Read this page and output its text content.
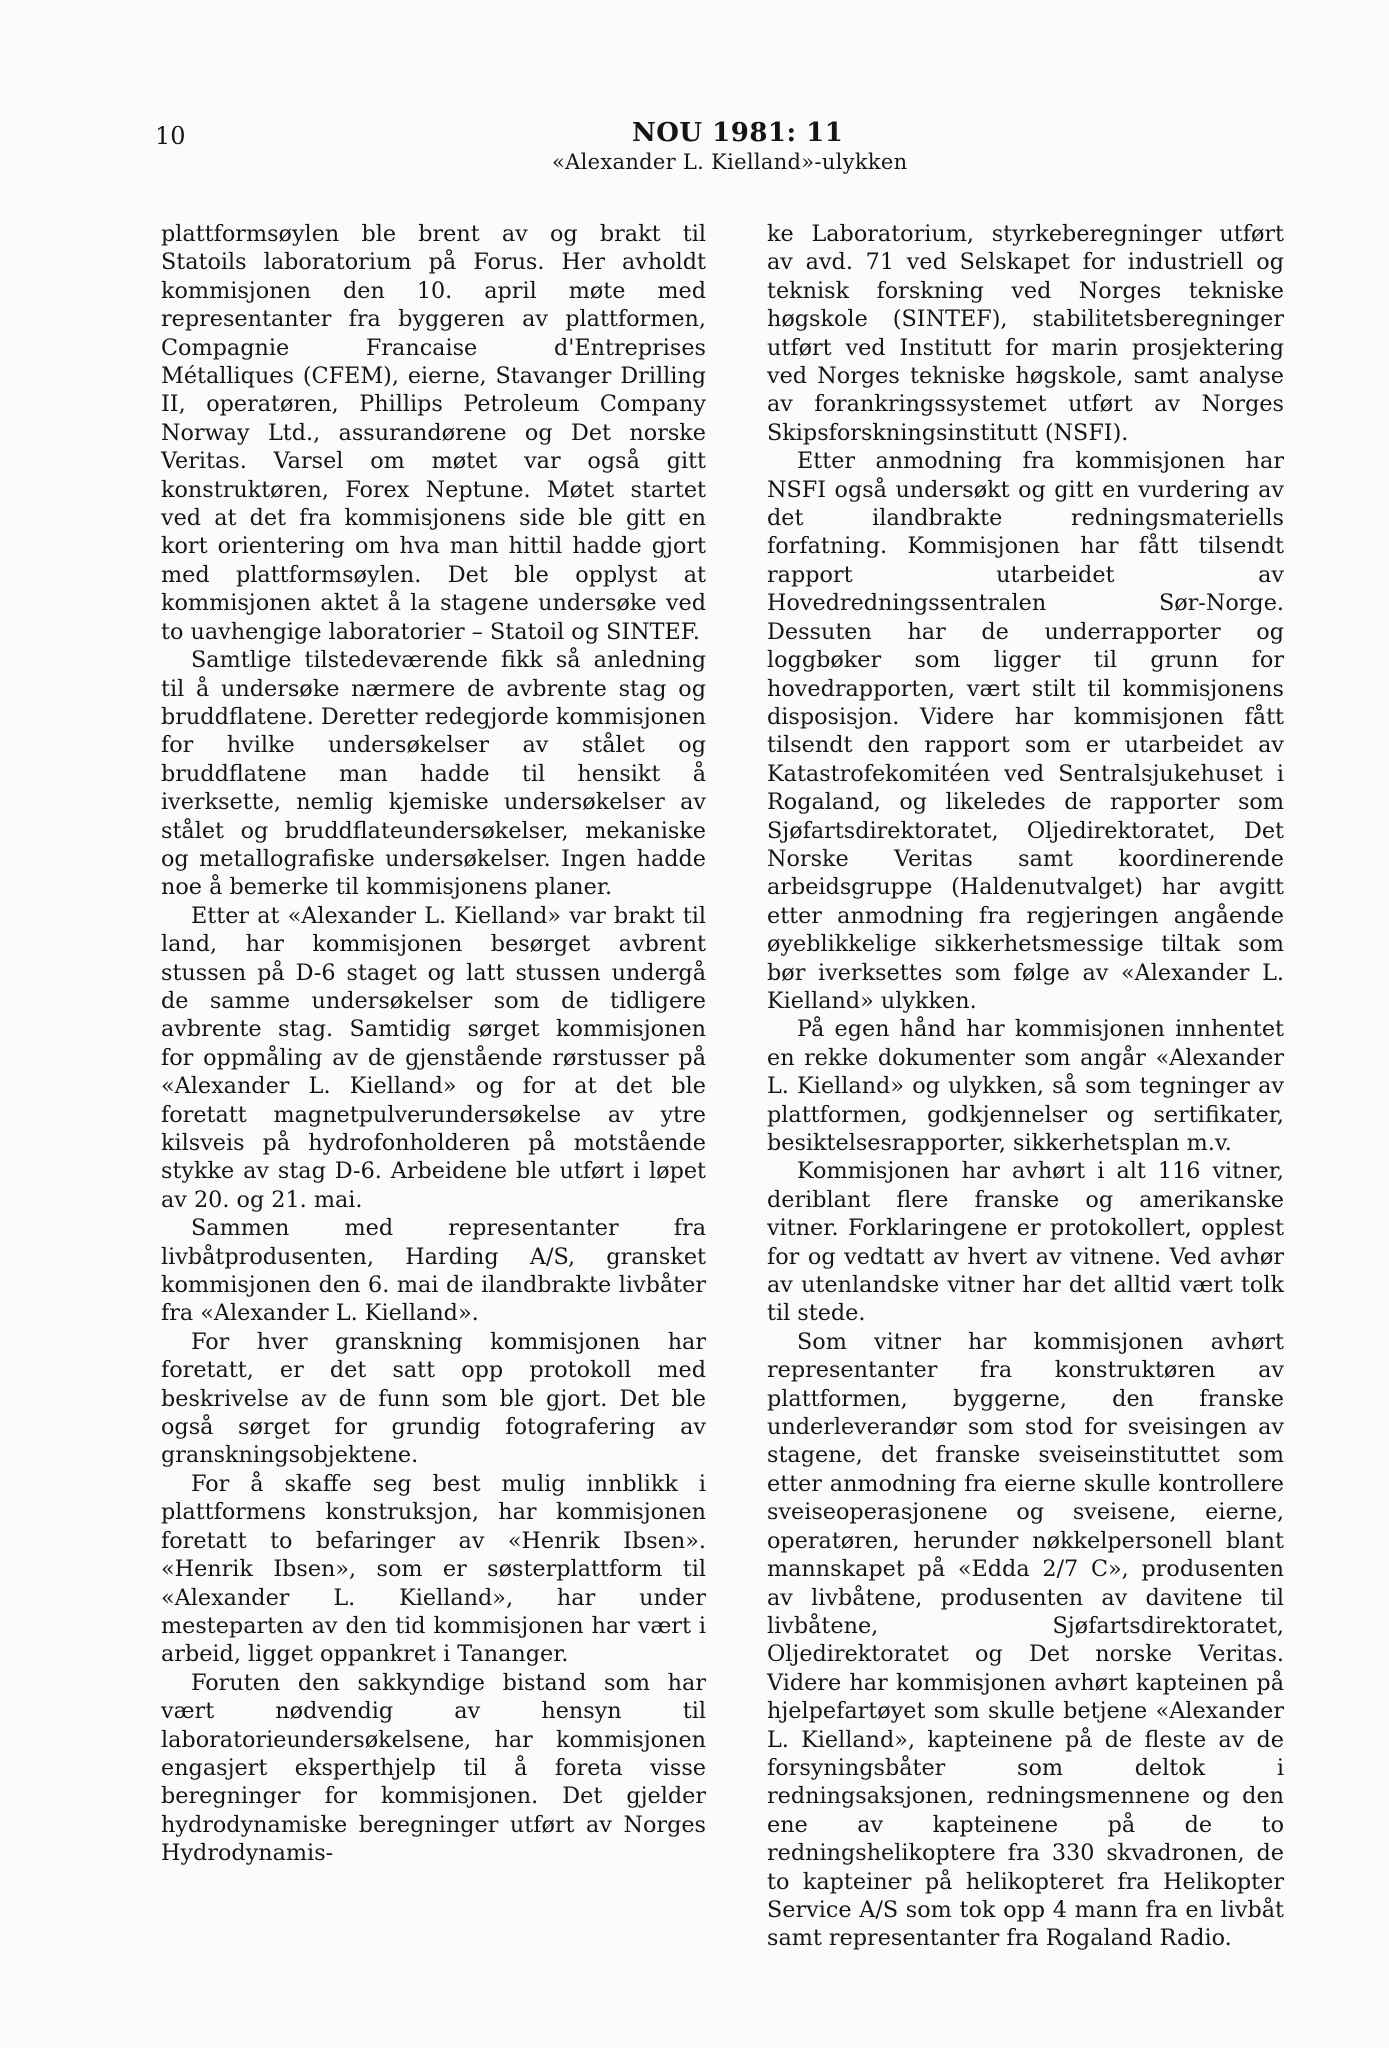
10	NOU 1981: 11
«Alexander L. Kielland»-ulykken

plattformsøylen ble brent av og brakt til Statoils laboratorium på Forus. Her avholdt kommisjonen den 10. april møte med representanter fra byggeren av plattformen, Compagnie Francaise d'Entreprises Métalliques (CFEM), eierne, Stavanger Drilling II, operatøren, Phillips Petroleum Company Norway Ltd., assurandørene og Det norske Veritas. Varsel om møtet var også gitt konstruktøren, Forex Neptune. Møtet startet ved at det fra kommisjonens side ble gitt en kort orientering om hva man hittil hadde gjort med plattformsøylen. Det ble opplyst at kommisjonen aktet å la stagene undersøke ved to uavhengige laboratorier – Statoil og SINTEF.

Samtlige tilstedeværende fikk så anledning til å undersøke nærmere de avbrente stag og bruddflatene. Deretter redegjorde kommisjonen for hvilke undersøkelser av stålet og bruddflatene man hadde til hensikt å iverksette, nemlig kjemiske undersøkelser av stålet og bruddflateundersøkelser, mekaniske og metallografiske undersøkelser. Ingen hadde noe å bemerke til kommisjonens planer.

Etter at «Alexander L. Kielland» var brakt til land, har kommisjonen besørget avbrent stussen på D-6 staget og latt stussen undergå de samme undersøkelser som de tidligere avbrente stag. Samtidig sørget kommisjonen for oppmåling av de gjenstående rørstusser på «Alexander L. Kielland» og for at det ble foretatt magnetpulverundersøkelse av ytre kilsveis på hydrofonholderen på motstående stykke av stag D-6. Arbeidene ble utført i løpet av 20. og 21. mai.

Sammen med representanter fra livbåtprodusenten, Harding A/S, gransket kommisjonen den 6. mai de ilandbrakte livbåter fra «Alexander L. Kielland».

For hver granskning kommisjonen har foretatt, er det satt opp protokoll med beskrivelse av de funn som ble gjort. Det ble også sørget for grundig fotografering av granskningsobjektene.

For å skaffe seg best mulig innblikk i plattformens konstruksjon, har kommisjonen foretatt to befaringer av «Henrik Ibsen». «Henrik Ibsen», som er søsterplattform til «Alexander L. Kielland», har under mesteparten av den tid kommisjonen har vært i arbeid, ligget oppankret i Tananger.

Foruten den sakkyndige bistand som har vært nødvendig av hensyn til laboratorieundersøkelsene, har kommisjonen engasjert eksperthjelp til å foreta visse beregninger for kommisjonen. Det gjelder hydrodynamiske beregninger utført av Norges Hydrodynamis-

ke Laboratorium, styrkeberegninger utført av avd. 71 ved Selskapet for industriell og teknisk forskning ved Norges tekniske høgskole (SINTEF), stabilitetsberegninger utført ved Institutt for marin prosjektering ved Norges tekniske høgskole, samt analyse av forankringssystemet utført av Norges Skipsforskningsinstitutt (NSFI).

Etter anmodning fra kommisjonen har NSFI også undersøkt og gitt en vurdering av det ilandbrakte redningsmateriells forfatning. Kommisjonen har fått tilsendt rapport utarbeidet av Hovedredningssentralen Sør-Norge. Dessuten har de underrapporter og loggbøker som ligger til grunn for hovedrapporten, vært stilt til kommisjonens disposisjon. Videre har kommisjonen fått tilsendt den rapport som er utarbeidet av Katastrofekomitéen ved Sentralsjukehuset i Rogaland, og likeledes de rapporter som Sjøfartsdirektoratet, Oljedirektoratet, Det Norske Veritas samt koordinerende arbeidsgruppe (Haldenutvalget) har avgitt etter anmodning fra regjeringen angående øyeblikkelige sikkerhetsmessige tiltak som bør iverksettes som følge av «Alexander L. Kielland» ulykken.

På egen hånd har kommisjonen innhentet en rekke dokumenter som angår «Alexander L. Kielland» og ulykken, så som tegninger av plattformen, godkjennelser og sertifikater, besiktelsesrapporter, sikkerhetsplan m.v.

Kommisjonen har avhørt i alt 116 vitner, deriblant flere franske og amerikanske vitner. Forklaringene er protokollert, opplest for og vedtatt av hvert av vitnene. Ved avhør av utenlandske vitner har det alltid vært tolk til stede.

Som vitner har kommisjonen avhørt representanter fra konstruktøren av plattformen, byggerne, den franske underleverandør som stod for sveisingen av stagene, det franske sveiseinstituttet som etter anmodning fra eierne skulle kontrollere sveiseoperasjonene og sveisene, eierne, operatøren, herunder nøkkelpersonell blant mannskapet på «Edda 2/7 C», produsenten av livbåtene, produsenten av davitene til livbåtene, Sjøfartsdirektoratet, Oljedirektoratet og Det norske Veritas. Videre har kommisjonen avhørt kapteinen på hjelpefartøyet som skulle betjene «Alexander L. Kielland», kapteinene på de fleste av de forsyningsbåter som deltok i redningsaksjonen, redningsmennene og den ene av kapteinene på de to redningshelikoptere fra 330 skvadronen, de to kapteiner på helikopteret fra Helikopter Service A/S som tok opp 4 mann fra en livbåt samt representanter fra Rogaland Radio.
